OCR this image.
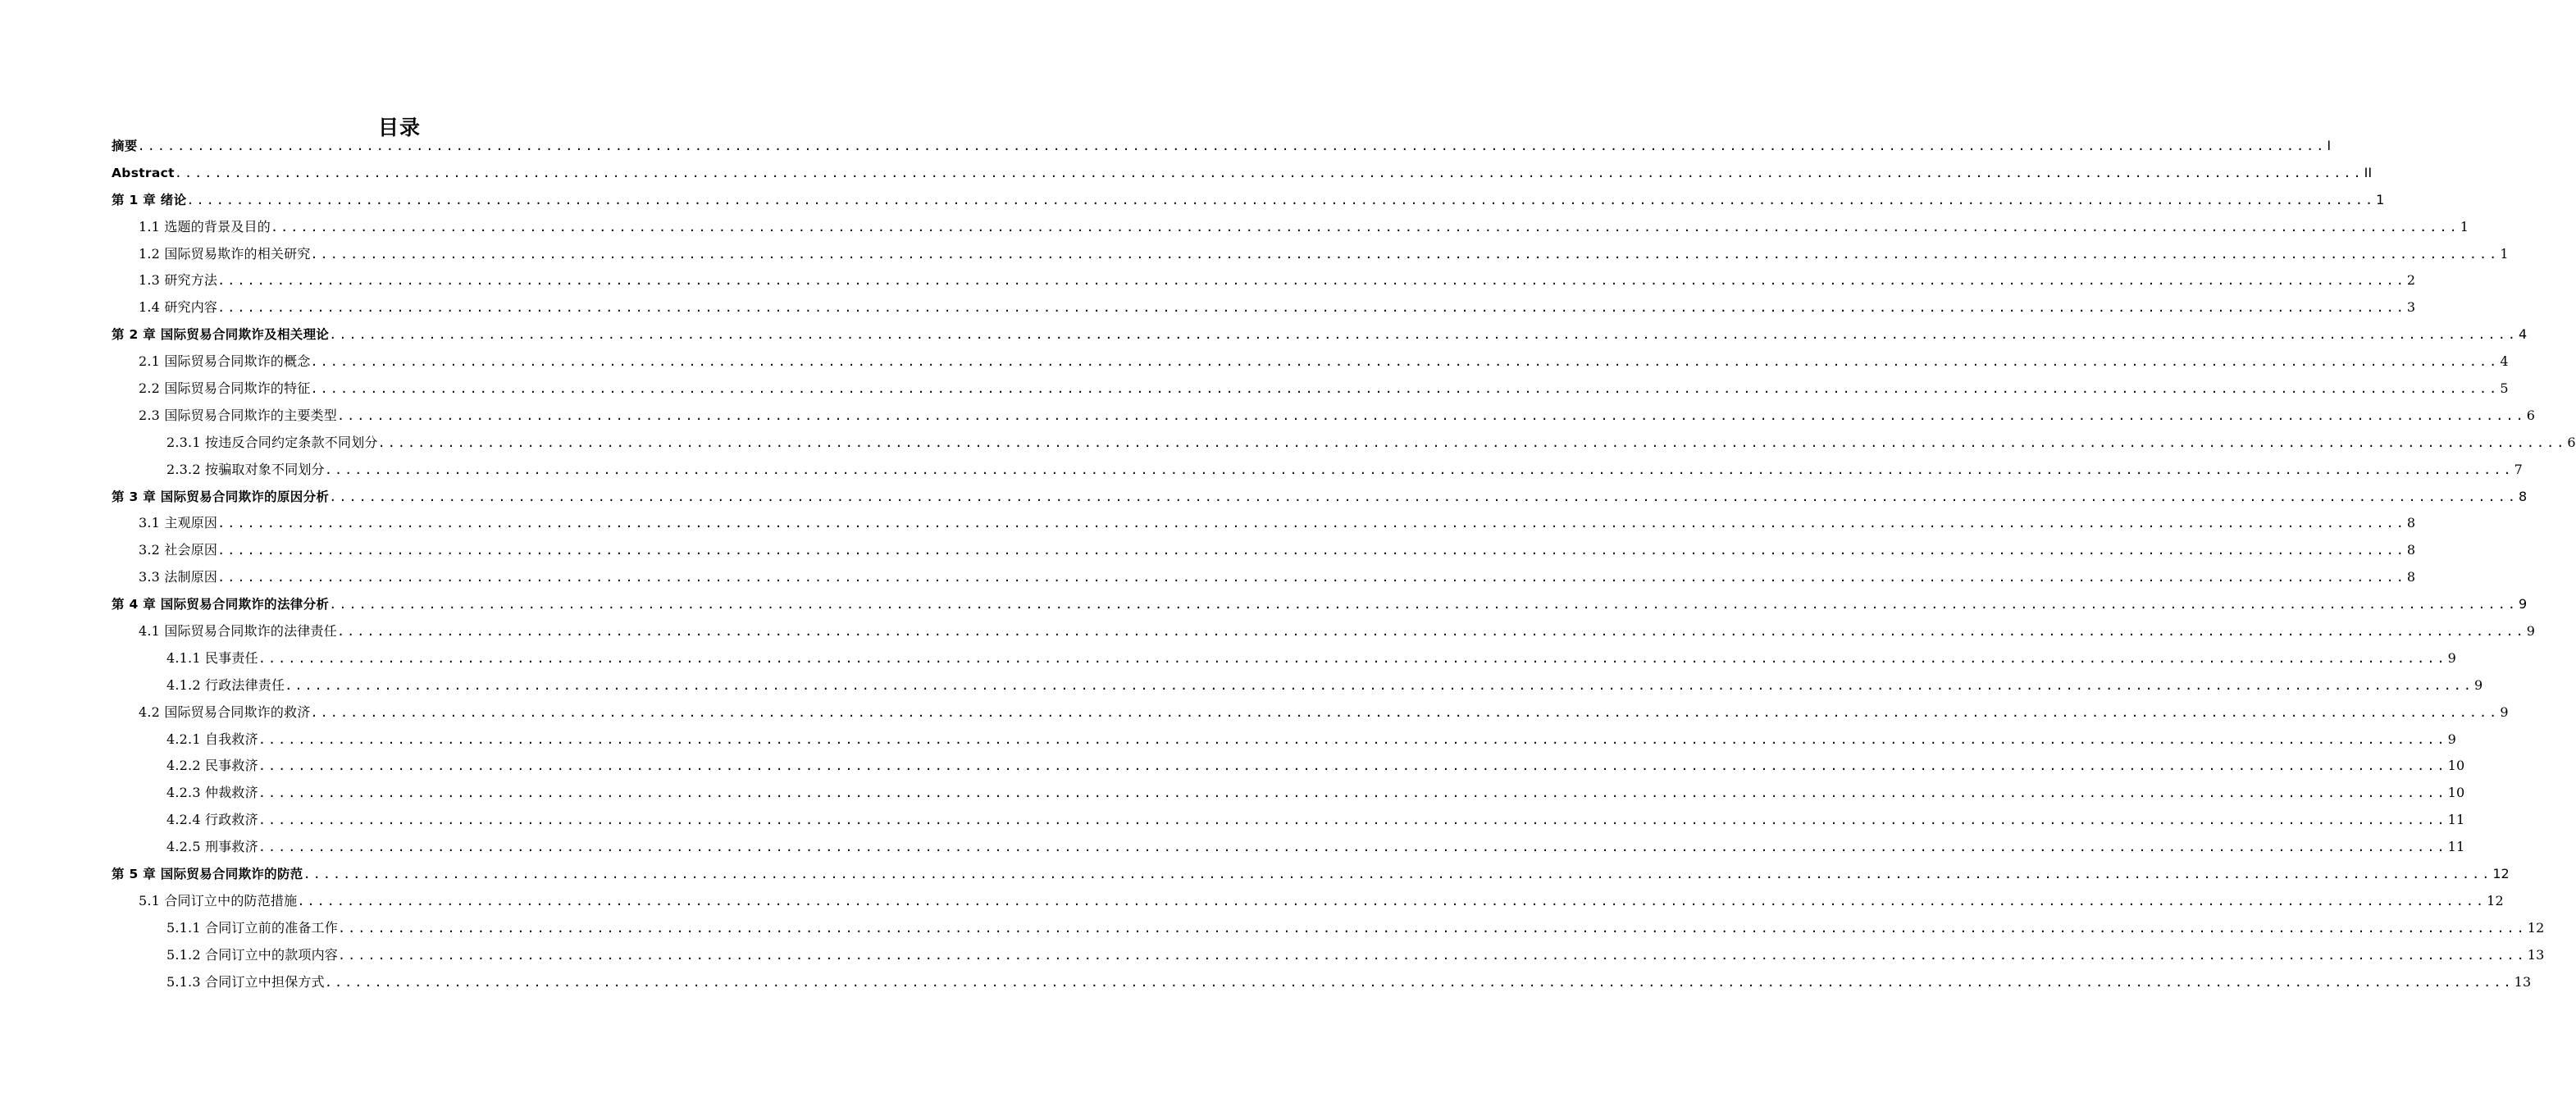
目录
摘要 ............................................................................................................................................................................................................................ I
Abstract ............................................................................................................................................................................................................................ II
第 1 章 绪论 ............................................................................................................................................................................................................................ 1
1.1 选题的背景及目的 ............................................................................................................................................................................................................................ 1
1.2 国际贸易欺诈的相关研究 ............................................................................................................................................................................................................................ 1
1.3 研究方法 ............................................................................................................................................................................................................................ 2
1.4 研究内容 ............................................................................................................................................................................................................................ 3
第 2 章 国际贸易合同欺诈及相关理论 ............................................................................................................................................................................................................................ 4
2.1 国际贸易合同欺诈的概念 ............................................................................................................................................................................................................................ 4
2.2 国际贸易合同欺诈的特征 ............................................................................................................................................................................................................................ 5
2.3 国际贸易合同欺诈的主要类型 ............................................................................................................................................................................................................................ 6
2.3.1 按违反合同约定条款不同划分 ............................................................................................................................................................................................................................ 6
2.3.2 按骗取对象不同划分 ............................................................................................................................................................................................................................ 7
第 3 章 国际贸易合同欺诈的原因分析 ............................................................................................................................................................................................................................ 8
3.1 主观原因 ............................................................................................................................................................................................................................ 8
3.2 社会原因 ............................................................................................................................................................................................................................ 8
3.3 法制原因 ............................................................................................................................................................................................................................ 8
第 4 章 国际贸易合同欺诈的法律分析 ............................................................................................................................................................................................................................ 9
4.1 国际贸易合同欺诈的法律责任 ............................................................................................................................................................................................................................ 9
4.1.1 民事责任 ............................................................................................................................................................................................................................ 9
4.1.2 行政法律责任 ............................................................................................................................................................................................................................ 9
4.2 国际贸易合同欺诈的救济 ............................................................................................................................................................................................................................ 9
4.2.1 自我救济 ............................................................................................................................................................................................................................ 9
4.2.2 民事救济 ............................................................................................................................................................................................................................ 10
4.2.3 仲裁救济 ............................................................................................................................................................................................................................ 10
4.2.4 行政救济 ............................................................................................................................................................................................................................ 11
4.2.5 刑事救济 ............................................................................................................................................................................................................................ 11
第 5 章 国际贸易合同欺诈的防范 ............................................................................................................................................................................................................................ 12
5.1 合同订立中的防范措施 ............................................................................................................................................................................................................................ 12
5.1.1 合同订立前的准备工作 ............................................................................................................................................................................................................................ 12
5.1.2 合同订立中的款项内容 ............................................................................................................................................................................................................................ 13
5.1.3 合同订立中担保方式 ............................................................................................................................................................................................................................ 13
